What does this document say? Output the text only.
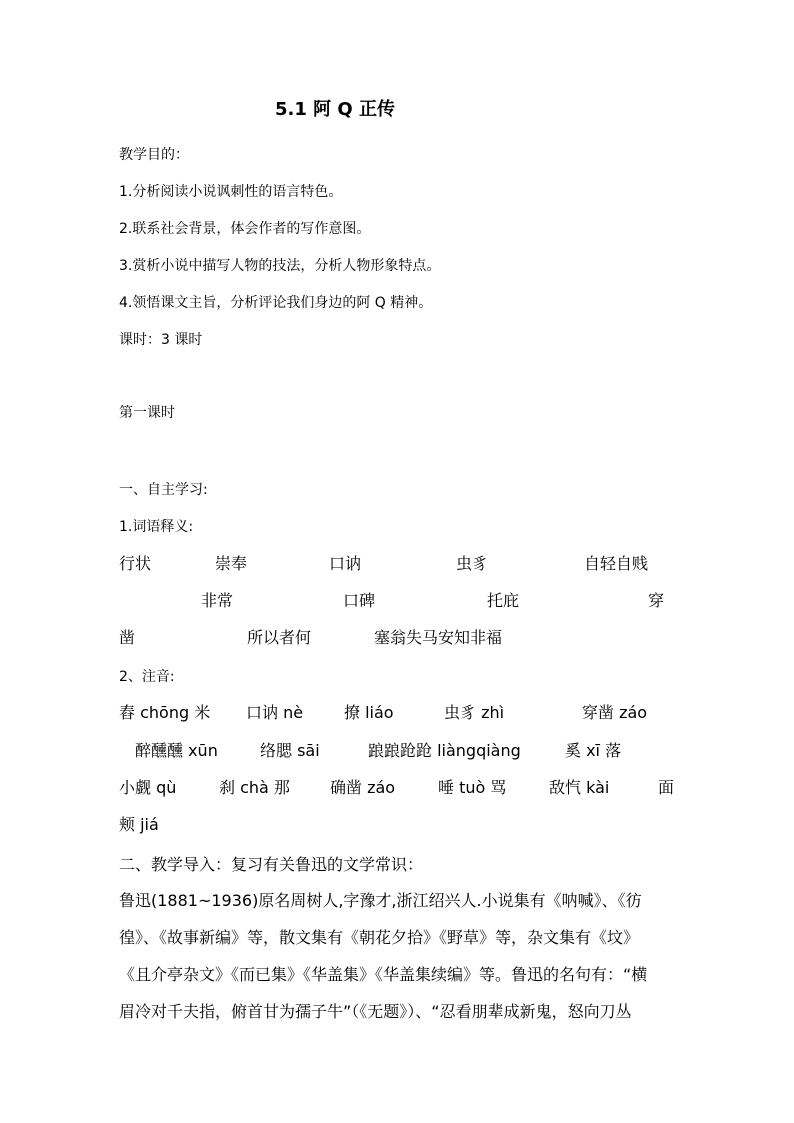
5.1 阿 Q 正传
教学目的：
1.分析阅读小说讽刺性的语言特色。
2.联系社会背景，体会作者的写作意图。
3.赏析小说中描写人物的技法，分析人物形象特点。
4.领悟课文主旨，分析评论我们身边的阿 Q 精神。
课时：3 课时
第一课时
一、自主学习:
1.词语释义:
行状	崇奉	口讷	虫豸	自轻自贱
非常	口碑	托庇	穿
凿	所以者何	塞翁失马安知非福
2、注音:
舂 chōng 米 口讷 nè	撩 liáo	虫豸 zhì	穿凿 záo
醉醺醺 xūn	络腮 sāi	踉踉跄跄 liàngqiàng	奚 xī 落
小觑 qù	刹 chà 那	确凿 záo	唾 tuò 骂	敌忾 kài	面
颊 jiá
二、教学导入：复习有关鲁迅的文学常识：
鲁迅(1881~1936)原名周树人,字豫才,浙江绍兴人.小说集有《呐喊》、《彷
徨》、《故事新编》等，散文集有《朝花夕拾》《野草》等，杂文集有《坟》
《且介亭杂文》《而已集》《华盖集》《华盖集续编》等。鲁迅的名句有：“横
眉冷对千夫指，俯首甘为孺子牛”（《无题》）、“忍看朋辈成新鬼，怒向刀丛
